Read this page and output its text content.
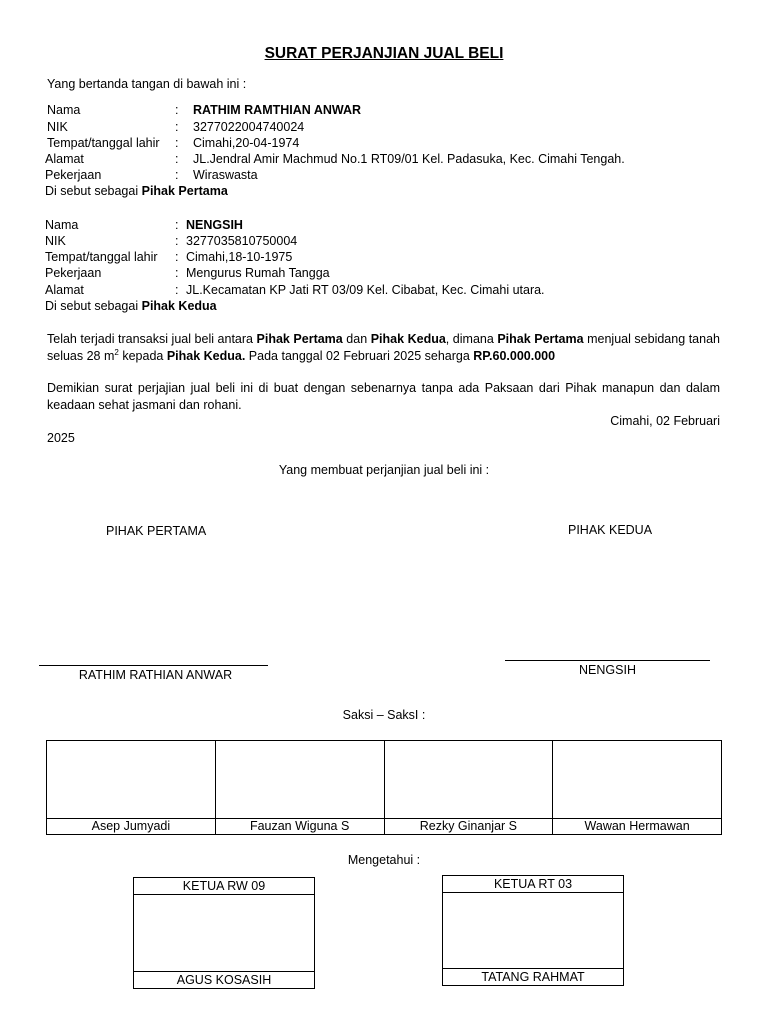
SURAT PERJANJIAN JUAL BELI
Yang bertanda tangan di bawah ini :
Nama	: RATHIM RAMTHIAN ANWAR
NIK	: 3277022004740024
Tempat/tanggal lahir	: Cimahi,20-04-1974
Alamat	: JL.Jendral Amir Machmud No.1 RT09/01 Kel. Padasuka, Kec. Cimahi Tengah.
Pekerjaan	: Wiraswasta
Di sebut sebagai Pihak Pertama
Nama	: NENGSIH
NIK	: 3277035810750004
Tempat/tanggal lahir	: Cimahi,18-10-1975
Pekerjaan	: Mengurus Rumah Tangga
Alamat	: JL.Kecamatan KP Jati RT 03/09 Kel. Cibabat, Kec. Cimahi utara.
Di sebut sebagai Pihak Kedua
Telah terjadi transaksi jual beli antara Pihak Pertama dan Pihak Kedua, dimana Pihak Pertama menjual sebidang tanah seluas 28 $m^2$ kepada Pihak Kedua. Pada tanggal 02 Februari 2025 seharga RP.60.000.000
Demikian surat perjajian jual beli ini di buat dengan sebenarnya tanpa ada Paksaan dari Pihak manapun dan dalam keadaan sehat jasmani dan rohani.
Cimahi, 02 Februari
2025
Yang membuat perjanjian jual beli ini :
PIHAK PERTAMA	PIHAK KEDUA
RATHIM RATHIAN ANWAR	NENGSIH
Saksi – SaksI :

Asep Jumyadi	Fauzan Wiguna S	Rezky Ginanjar S	Wawan Hermawan
Mengetahui :
KETUA RW 09
AGUS KOSASIH
KETUA RT 03
TATANG RAHMAT
